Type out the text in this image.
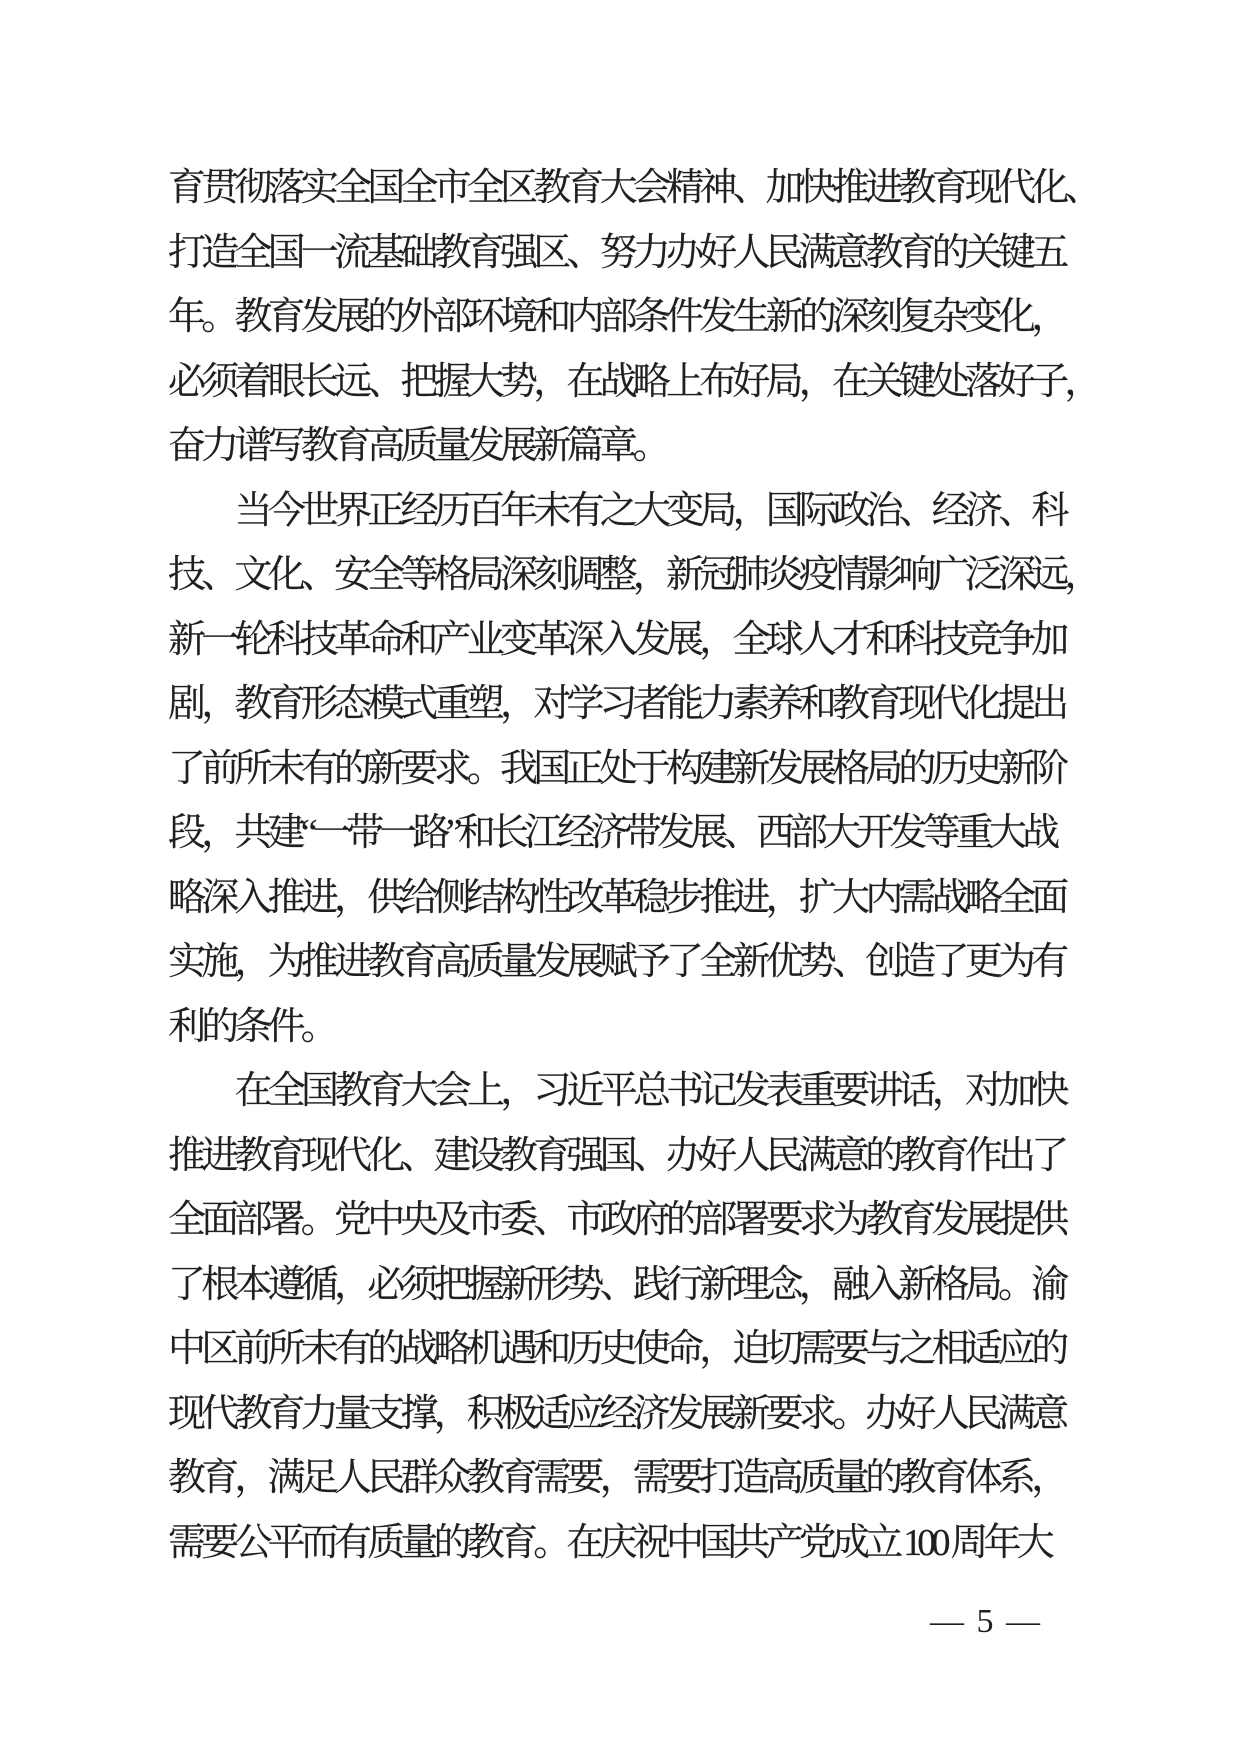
育贯彻落实全国全市全区教育大会精神、加快推进教育现代化、
打造全国一流基础教育强区、努力办好人民满意教育的关键五
年。教育发展的外部环境和内部条件发生新的深刻复杂变化，
必须着眼长远、把握大势，在战略上布好局，在关键处落好子，
奋力谱写教育高质量发展新篇章。
当今世界正经历百年未有之大变局，国际政治、经济、科
技、文化、安全等格局深刻调整，新冠肺炎疫情影响广泛深远，
新一轮科技革命和产业变革深入发展，全球人才和科技竞争加
剧，教育形态模式重塑，对学习者能力素养和教育现代化提出
了前所未有的新要求。我国正处于构建新发展格局的历史新阶
段，共建“一带一路”和长江经济带发展、西部大开发等重大战
略深入推进，供给侧结构性改革稳步推进，扩大内需战略全面
实施，为推进教育高质量发展赋予了全新优势、创造了更为有
利的条件。
在全国教育大会上，习近平总书记发表重要讲话，对加快
推进教育现代化、建设教育强国、办好人民满意的教育作出了
全面部署。党中央及市委、市政府的部署要求为教育发展提供
了根本遵循，必须把握新形势、践行新理念，融入新格局。渝
中区前所未有的战略机遇和历史使命，迫切需要与之相适应的
现代教育力量支撑，积极适应经济发展新要求。办好人民满意
教育，满足人民群众教育需要，需要打造高质量的教育体系，
需要公平而有质量的教育。在庆祝中国共产党成立 100 周年大
— 5 —
